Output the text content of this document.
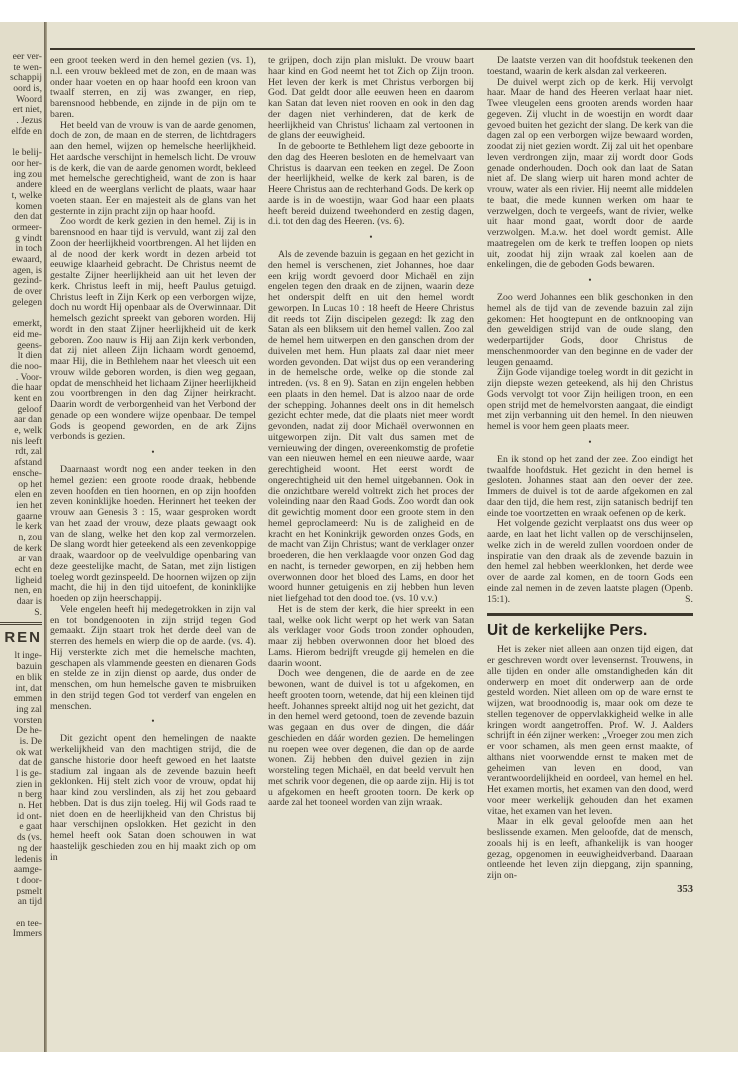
eer ver-
te wen-
schappij
oord is,
Woord
ert niet,
. Jezus
elfde en
le belij-
oor her-
ing zou
andere
t, welke
komen
den dat
ormeer-
g vindt
in toch
ewaard,
agen, is
gezind-
de over
gelegen
emerkt,
eid me-
geens-
lt dien
die noo-
. Voor-
die haar
kent en
geloof
aar dan
e, welk
nis leeft
rdt, zal
afstand
ensche-
op het
elen en
ien het
gaarne
le kerk
n, zou
de kerk
ar van
echt en
ligheid
nen, en
daar is
S.
REN
lt inge-
bazuin
en blik
int, dat
emmen
ing zal
vorsten
De he-
is. De
ok wat
dat de
l is ge-
zien in
n berg
n. Het
id ont-
e gaat
ds (vs.
ng der
ledenis
aamge-
t door-
psmelt
an tijd
en tee-
Immers

een groot teeken werd in den hemel gezien (vs. 1), n.l. een vrouw bekleed met de zon, en de maan was onder haar voeten en op haar hoofd een kroon van twaalf sterren, en zij was zwanger, en riep, barensnood hebbende, en zijnde in de pijn om te baren.

Het beeld van de vrouw is van de aarde genomen, doch de zon, de maan en de sterren, de lichtdragers aan den hemel, wijzen op hemelsche heerlijkheid. Het aardsche verschijnt in hemelsch licht. De vrouw is de kerk, die van de aarde genomen wordt, bekleed met hemelsche gerechtigheid, want de zon is haar kleed en de weerglans verlicht de plaats, waar haar voeten staan. Eer en majesteit als de glans van het gesternte in zijn pracht zijn op haar hoofd.

Zoo wordt de kerk gezien in den hemel. Zij is in barensnood en haar tijd is vervuld, want zij zal den Zoon der heerlijkheid voortbrengen. Al het lijden en al de nood der kerk wordt in dezen arbeid tot eeuwige klaarheid gebracht. De Christus neemt de gestalte Zijner heerlijkheid aan uit het leven der kerk. Christus leeft in mij, heeft Paulus getuigd. Christus leeft in Zijn Kerk op een verborgen wijze, doch nu wordt Hij openbaar als de Overwinnaar. Dit hemelsch gezicht spreekt van geboren worden. Hij wordt in den staat Zijner heerlijkheid uit de kerk geboren. Zoo nauw is Hij aan Zijn kerk verbonden, dat zij niet alleen Zijn lichaam wordt genoemd, maar Hij, die in Bethlehem naar het vleesch uit een vrouw wilde geboren worden, is dien weg gegaan, opdat de menschheid het lichaam Zijner heerlijkheid zou voortbrengen in den dag Zijner heirkracht. Daarin wordt de verborgenheid van het Verbond der genade op een wondere wijze openbaar. De tempel Gods is geopend geworden, en de ark Zijns verbonds is gezien.

•

Daarnaast wordt nog een ander teeken in den hemel gezien: een groote roode draak, hebbende zeven hoofden en tien hoornen, en op zijn hoofden zeven koninklijke hoeden. Herinnert het teeken der vrouw aan Genesis 3 : 15, waar gesproken wordt van het zaad der vrouw, deze plaats gewaagt ook van de slang, welke het den kop zal vermorzelen. De slang wordt hier geteekend als een zevenkoppige draak, waardoor op de veelvuldige openbaring van deze geestelijke macht, de Satan, met zijn listigen toeleg wordt gezinspeeld. De hoornen wijzen op zijn macht, die hij in den tijd uitoefent, de koninklijke hoeden op zijn heerschappij.

Vele engelen heeft hij medegetrokken in zijn val en tot bondgenooten in zijn strijd tegen God gemaakt. Zijn staart trok het derde deel van de sterren des hemels en wierp die op de aarde. (vs. 4). Hij versterkte zich met die hemelsche machten, geschapen als vlammende geesten en dienaren Gods en stelde ze in zijn dienst op aarde, dus onder de menschen, om hun hemelsche gaven te misbruiken in den strijd tegen God tot verderf van engelen en menschen.

•

Dit gezicht opent den hemelingen de naakte werkelijkheid van den machtigen strijd, die de gansche historie door heeft gewoed en het laatste stadium zal ingaan als de zevende bazuin heeft geklonken. Hij stelt zich voor de vrouw, opdat hij haar kind zou verslinden, als zij het zou gebaard hebben. Dat is dus zijn toeleg. Hij wil Gods raad te niet doen en de heerlijkheid van den Christus bij haar verschijnen opslokken. Het gezicht in den hemel heeft ook Satan doen schouwen in wat haastelijk geschieden zou en hij maakt zich op om in

te grijpen, doch zijn plan mislukt. De vrouw baart haar kind en God neemt het tot Zich op Zijn troon. Het leven der kerk is met Christus verborgen bij God. Dat geldt door alle eeuwen heen en daarom kan Satan dat leven niet rooven en ook in den dag der dagen niet verhinderen, dat de kerk de heerlijkheid van Christus' lichaam zal vertoonen in de glans der eeuwigheid.

In de geboorte te Bethlehem ligt deze geboorte in den dag des Heeren besloten en de hemelvaart van Christus is daarvan een teeken en zegel. De Zoon der heerlijkheid, welke de kerk zal baren, is de Heere Christus aan de rechterhand Gods. De kerk op aarde is in de woestijn, waar God haar een plaats heeft bereid duizend tweehonderd en zestig dagen, d.i. tot den dag des Heeren. (vs. 6).

•

Als de zevende bazuin is gegaan en het gezicht in den hemel is verschenen, ziet Johannes, hoe daar een krijg wordt gevoerd door Michaël en zijn engelen tegen den draak en de zijnen, waarin deze het onderspit delft en uit den hemel wordt geworpen. In Lucas 10 : 18 heeft de Heere Christus dit reeds tot Zijn discipelen gezegd: Ik zag den Satan als een bliksem uit den hemel vallen. Zoo zal de hemel hem uitwerpen en den ganschen drom der duivelen met hem. Hun plaats zal daar niet meer worden gevonden. Dat wijst dus op een verandering in de hemelsche orde, welke op die stonde zal intreden. (vs. 8 en 9). Satan en zijn engelen hebben een plaats in den hemel. Dat is alzoo naar de orde der schepping. Johannes deelt ons in dit hemelsch gezicht echter mede, dat die plaats niet meer wordt gevonden, nadat zij door Michaël overwonnen en uitgeworpen zijn. Dit valt dus samen met de vernieuwing der dingen, overeenkomstig de profetie van een nieuwen hemel en een nieuwe aarde, waar gerechtigheid woont. Het eerst wordt de ongerechtigheid uit den hemel uitgebannen. Ook in die onzichtbare wereld voltrekt zich het proces der voleinding naar den Raad Gods. Zoo wordt dan ook dit gewichtig moment door een groote stem in den hemel geproclameerd: Nu is de zaligheid en de kracht en het Koninkrijk geworden onzes Gods, en de macht van Zijn Christus; want de verklager onzer broederen, die hen verklaagde voor onzen God dag en nacht, is terneder geworpen, en zij hebben hem overwonnen door het bloed des Lams, en door het woord hunner getuigenis en zij hebben hun leven niet liefgehad tot den dood toe. (vs. 10 v.v.)

Het is de stem der kerk, die hier spreekt in een taal, welke ook licht werpt op het werk van Satan als verklager voor Gods troon zonder ophouden, maar zij hebben overwonnen door het bloed des Lams. Hierom bedrijft vreugde gij hemelen en die daarin woont.

Doch wee dengenen, die de aarde en de zee bewonen, want de duivel is tot u afgekomen, en heeft grooten toorn, wetende, dat hij een kleinen tijd heeft. Johannes spreekt altijd nog uit het gezicht, dat in den hemel werd getoond, toen de zevende bazuin was gegaan en dus over de dingen, die dáár geschieden en dáár worden gezien. De hemelingen nu roepen wee over degenen, die dan op de aarde wonen. Zij hebben den duivel gezien in zijn worsteling tegen Michaël, en dat beeld vervult hen met schrik voor degenen, die op aarde zijn. Hij is tot u afgekomen en heeft grooten toorn. De kerk op aarde zal het tooneel worden van zijn wraak.

De laatste verzen van dit hoofdstuk teekenen den toestand, waarin de kerk alsdan zal verkeeren.

De duivel werpt zich op de kerk. Hij vervolgt haar. Maar de hand des Heeren verlaat haar niet. Twee vleugelen eens grooten arends worden haar gegeven. Zij vlucht in de woestijn en wordt daar gevoed buiten het gezicht der slang. De kerk van die dagen zal op een verborgen wijze bewaard worden, zoodat zij niet gezien wordt. Zij zal uit het openbare leven verdrongen zijn, maar zij wordt door Gods genade onderhouden. Doch ook dan laat de Satan niet af. De slang wierp uit haren mond achter de vrouw, water als een rivier. Hij neemt alle middelen te baat, die mede kunnen werken om haar te verzwelgen, doch te vergeefs, want de rivier, welke uit haar mond gaat, wordt door de aarde verzwolgen. M.a.w. het doel wordt gemist. Alle maatregelen om de kerk te treffen loopen op niets uit, zoodat hij zijn wraak zal koelen aan de enkelingen, die de geboden Gods bewaren.

•

Zoo werd Johannes een blik geschonken in den hemel als de tijd van de zevende bazuin zal zijn gekomen: Het hoogtepunt en de ontknooping van den geweldigen strijd van de oude slang, den wederpartijder Gods, door Christus de menschenmoorder van den beginne en de vader der leugen genaamd.

Zijn Gode vijandige toeleg wordt in dit gezicht in zijn diepste wezen geteekend, als hij den Christus Gods vervolgt tot voor Zijn heiligen troon, en een open strijd met de hemelvorsten aangaat, die eindigt met zijn verbanning uit den hemel. In den nieuwen hemel is voor hem geen plaats meer.

•

En ik stond op het zand der zee. Zoo eindigt het twaalfde hoofdstuk. Het gezicht in den hemel is gesloten. Johannes staat aan den oever der zee. Immers de duivel is tot de aarde afgekomen en zal daar den tijd, die hem rest, zijn satanisch bedrijf ten einde toe voortzetten en wraak oefenen op de kerk.

Het volgende gezicht verplaatst ons dus weer op aarde, en laat het licht vallen op de verschijnselen, welke zich in de wereld zullen voordoen onder de inspiratie van den draak als de zevende bazuin in den hemel zal hebben weerklonken, het derde wee over de aarde zal komen, en de toorn Gods een einde zal nemen in de zeven laatste plagen (Openb. 15:1).	S.

Uit de kerkelijke Pers.

Het is zeker niet alleen aan onzen tijd eigen, dat er geschreven wordt over levensernst. Trouwens, in alle tijden en onder alle omstandigheden kán dit onderwerp en moet dit onderwerp aan de orde gesteld worden. Niet alleen om op de ware ernst te wijzen, wat broodnoodig is, maar ook om deze te stellen tegenover de oppervlakkigheid welke in alle kringen wordt aangetroffen. Prof. W. J. Aalders schrijft in één zijner werken: „Vroeger zou men zich er voor schamen, als men geen ernst maakte, of althans niet voorwendde ernst te maken met de geheimen van leven en dood, van verantwoordelijkheid en oordeel, van hemel en hel. Het examen mortis, het examen van den dood, werd voor meer werkelijk gehouden dan het examen vitae, het examen van het leven.

Maar in elk geval geloofde men aan het beslissende examen. Men geloofde, dat de mensch, zooals hij is en leeft, afhankelijk is van hooger gezag, opgenomen in eeuwigheidverband. Daaraan ontleende het leven zijn diepgang, zijn spanning, zijn on-

353
